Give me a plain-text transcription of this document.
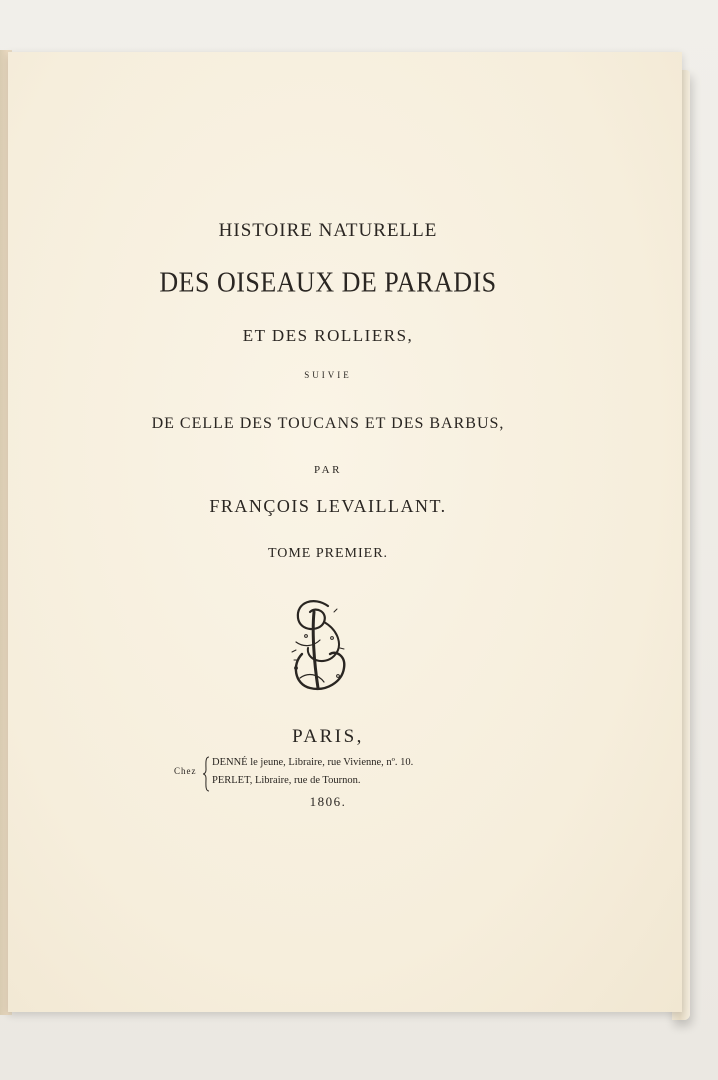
HISTOIRE NATURELLE
DES OISEAUX DE PARADIS
ET DES ROLLIERS,
SUIVIE
DE CELLE DES TOUCANS ET DES BARBUS,
PAR
FRANÇOIS LEVAILLANT.
TOME PREMIER.
PARIS,
Chez
DENNÉ le jeune, Libraire, rue Vivienne, nº. 10.
PERLET, Libraire, rue de Tournon.
1806.
